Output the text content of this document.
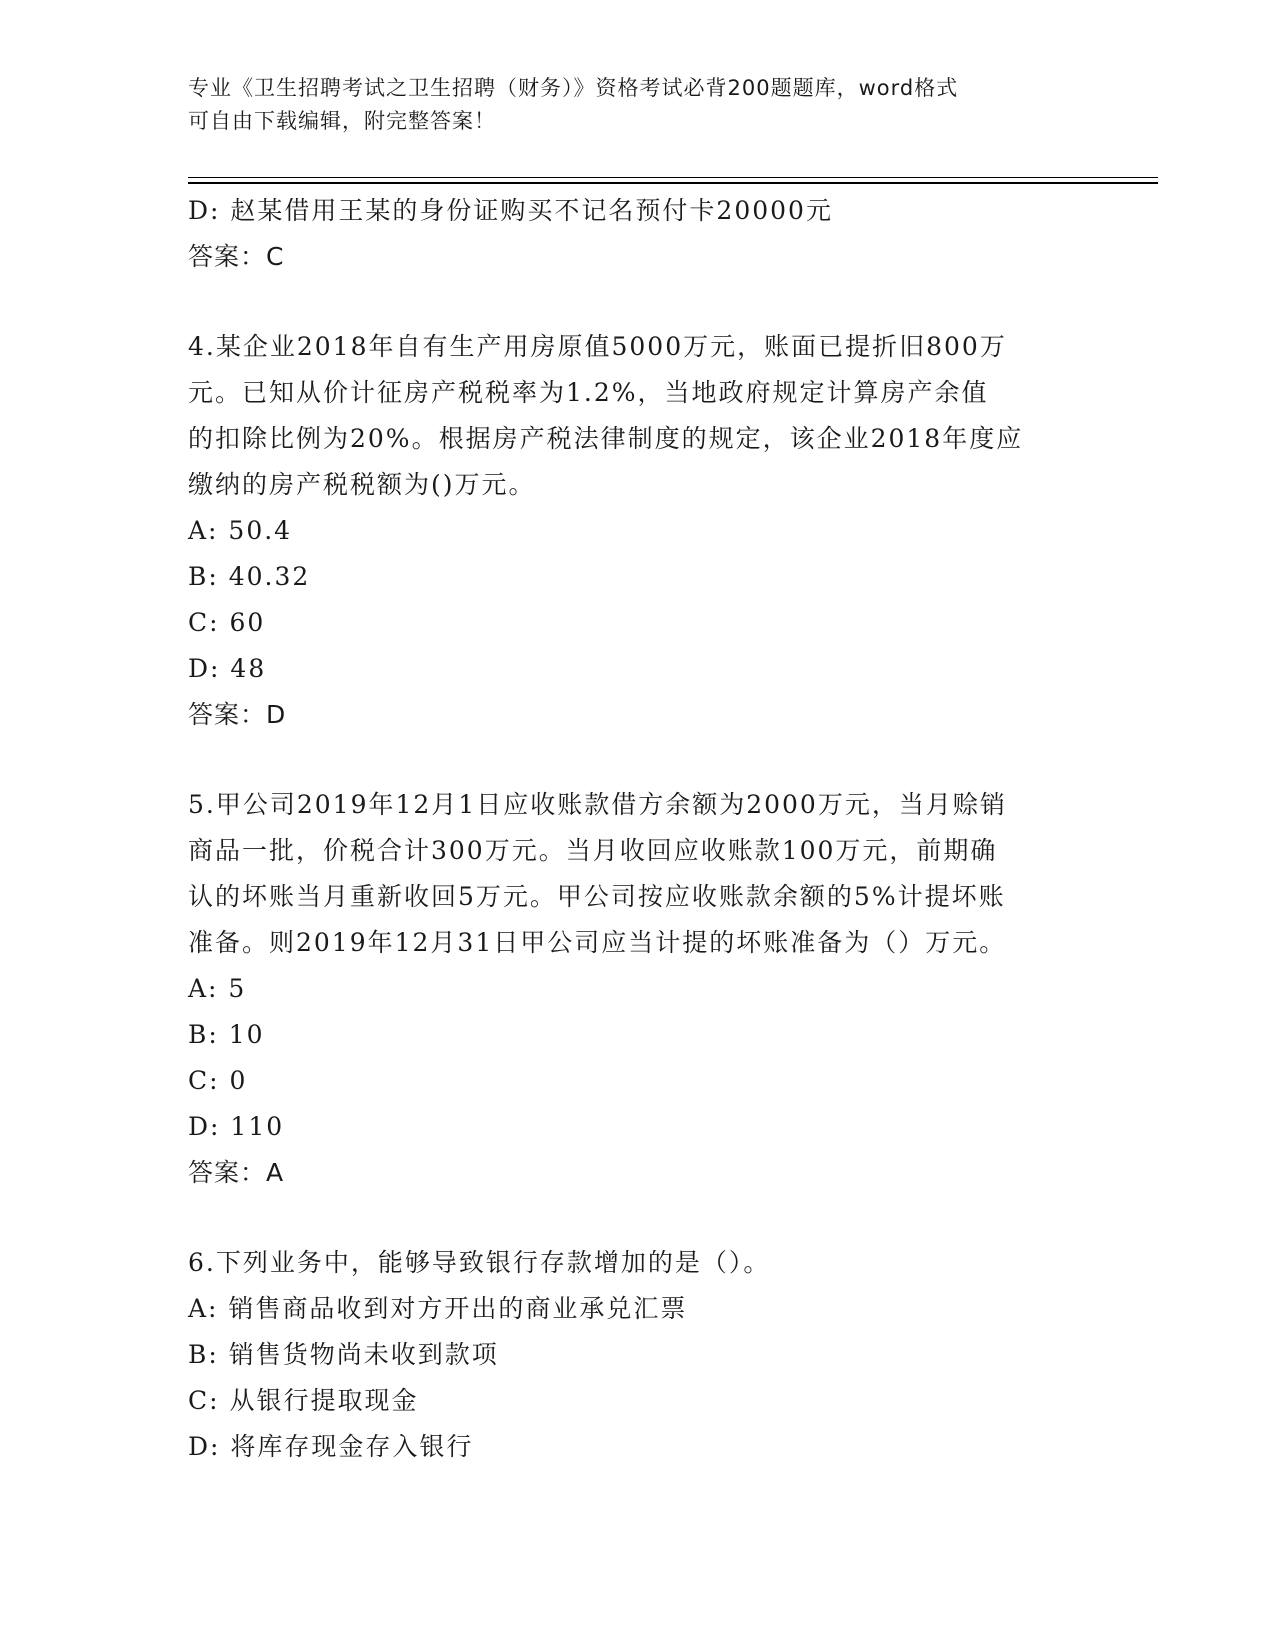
专业《卫生招聘考试之卫生招聘（财务）》资格考试必背200题题库，word格式
可自由下载编辑，附完整答案！
D: 赵某借用王某的身份证购买不记名预付卡20000元
答案：C
4.某企业2018年自有生产用房原值5000万元，账面已提折旧800万
元。已知从价计征房产税税率为1.2%，当地政府规定计算房产余值
的扣除比例为20%。根据房产税法律制度的规定，该企业2018年度应
缴纳的房产税税额为()万元。
A: 50.4
B: 40.32
C: 60
D: 48
答案：D
5.甲公司2019年12月1日应收账款借方余额为2000万元，当月赊销
商品一批，价税合计300万元。当月收回应收账款100万元，前期确
认的坏账当月重新收回5万元。甲公司按应收账款余额的5%计提坏账
准备。则2019年12月31日甲公司应当计提的坏账准备为（）万元。
A: 5
B: 10
C: 0
D: 110
答案：A
6.下列业务中，能够导致银行存款增加的是（）。
A: 销售商品收到对方开出的商业承兑汇票
B: 销售货物尚未收到款项
C: 从银行提取现金
D: 将库存现金存入银行
